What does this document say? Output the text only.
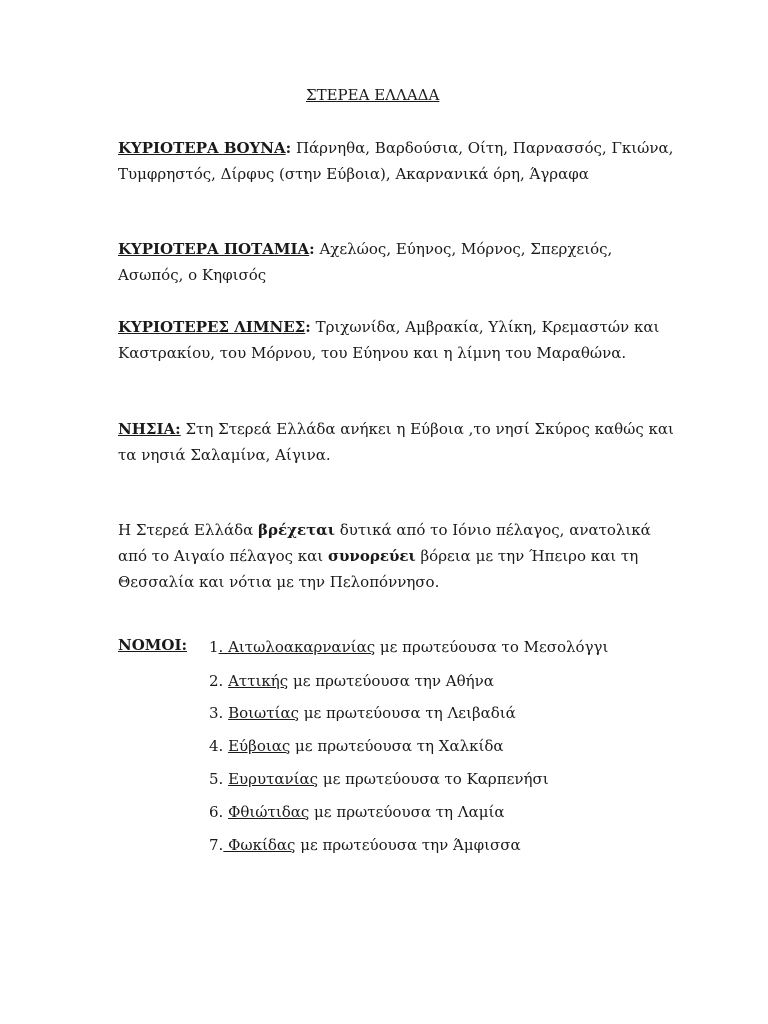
ΣΤΕΡΕΑ ΕΛΛΑΔΑ
ΚΥΡΙΟΤΕΡΑ ΒΟΥΝΑ: Πάρνηθα, Βαρδούσια, Οίτη, Παρνασσός, Γκιώνα, Τυμφρηστός, Δίρφυς (στην Εύβοια), Ακαρνανικά όρη, Άγραφα
ΚΥΡΙΟΤΕΡΑ ΠΟΤΑΜΙΑ: Αχελώος, Εύηνος, Μόρνος, Σπερχειός, Ασωπός, ο Κηφισός
ΚΥΡΙΟΤΕΡΕΣ ΛΙΜΝΕΣ: Τριχωνίδα, Αμβρακία, Υλίκη, Κρεμαστών και Καστρακίου, του Μόρνου, του Εύηνου και η λίμνη του Μαραθώνα.
ΝΗΣΙΑ: Στη Στερεά Ελλάδα ανήκει η Εύβοια ,το νησί Σκύρος καθώς και τα νησιά Σαλαμίνα, Αίγινα.
Η Στερεά Ελλάδα βρέχεται δυτικά από το Ιόνιο πέλαγος, ανατολικά από το Αιγαίο πέλαγος και συνορεύει βόρεια με την Ήπειρο και τη Θεσσαλία και νότια με την Πελοπόννησο.
ΝΟΜΟΙ: 1. Αιτωλοακαρνανίας με πρωτεύουσα το Μεσολόγγι
2. Αττικής με πρωτεύουσα την Αθήνα
3. Βοιωτίας με πρωτεύουσα τη Λειβαδιά
4. Εύβοιας με πρωτεύουσα τη Χαλκίδα
5. Ευρυτανίας με πρωτεύουσα το Καρπενήσι
6. Φθιώτιδας με πρωτεύουσα τη Λαμία
7. Φωκίδας με πρωτεύουσα την Άμφισσα
